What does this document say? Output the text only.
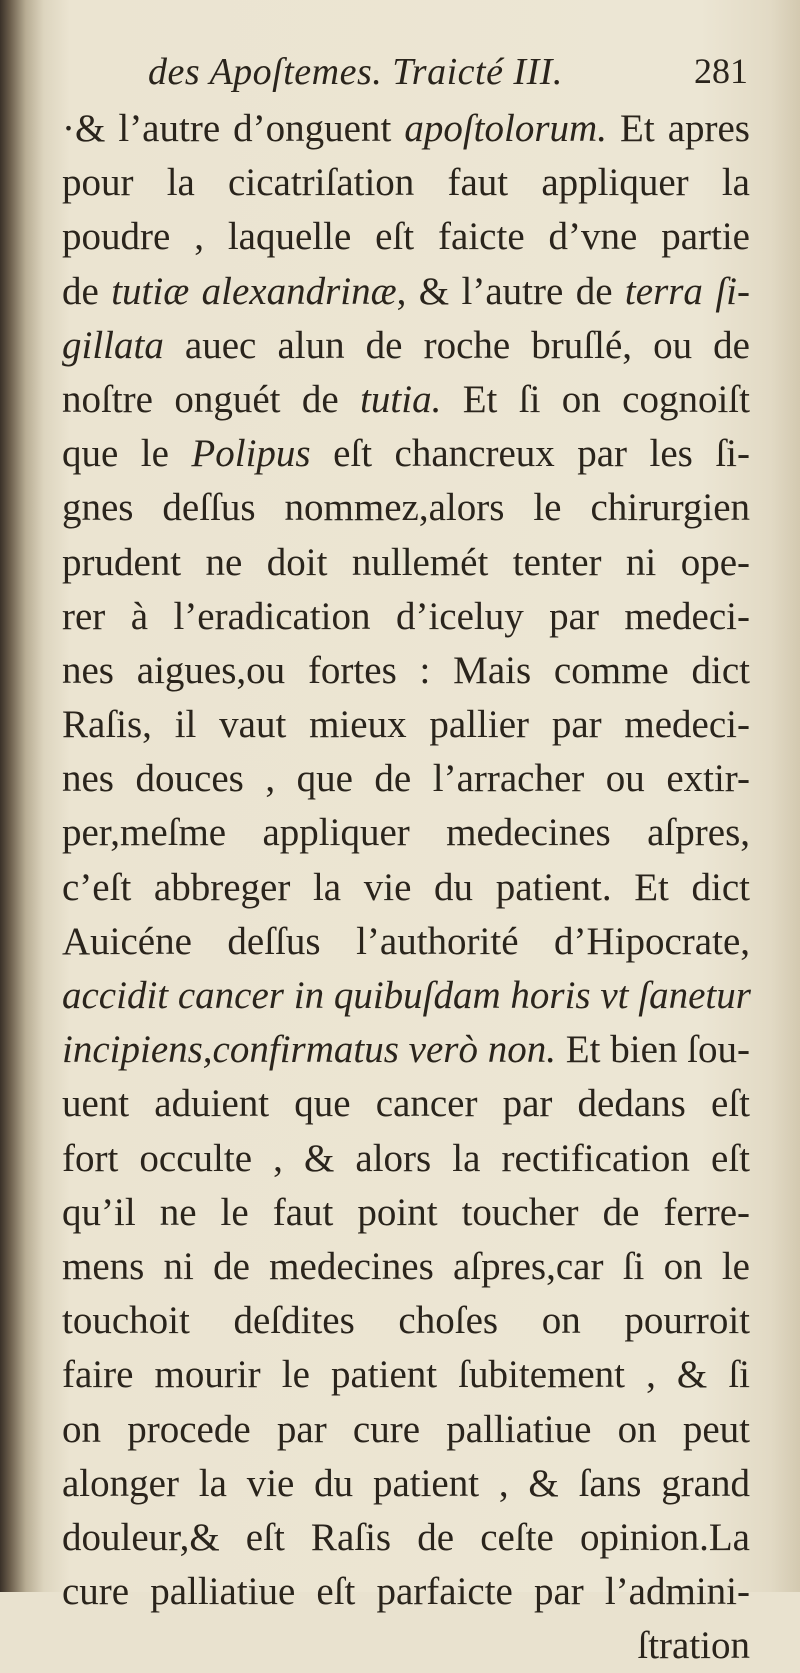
des Apoſtemes. Traicté III.	281
·& l’autre d’onguent apoſtolorum. Et apres
pour la cicatriſation faut appliquer la
poudre , laquelle eſt faicte d’vne partie
de tutiæ alexandrinæ, & l’autre de terra ſi-
gillata auec alun de roche bruſlé, ou de
noſtre onguét de tutia. Et ſi on cognoiſt
que le Polipus eſt chancreux par les ſi-
gnes deſſus nommez,alors le chirurgien
prudent ne doit nullemét tenter ni ope-
rer à l’eradication d’iceluy par medeci-
nes aigues,ou fortes : Mais comme dict
Raſis, il vaut mieux pallier par medeci-
nes douces , que de l’arracher ou extir-
per,meſme appliquer medecines aſpres,
c’eſt abbreger la vie du patient. Et dict
Auicéne deſſus l’authorité d’Hipocrate,
accidit cancer in quibuſdam horis vt ſanetur
incipiens,confirmatus verò non. Et bien ſou-
uent aduient que cancer par dedans eſt
fort occulte , & alors la rectification eſt
qu’il ne le faut point toucher de ferre-
mens ni de medecines aſpres,car ſi on le
touchoit deſdites choſes on pourroit
faire mourir le patient ſubitement , & ſi
on procede par cure palliatiue on peut
alonger la vie du patient , & ſans grand
douleur,& eſt Raſis de ceſte opinion.La
cure palliatiue eſt parfaicte par l’admini-
ſtration
